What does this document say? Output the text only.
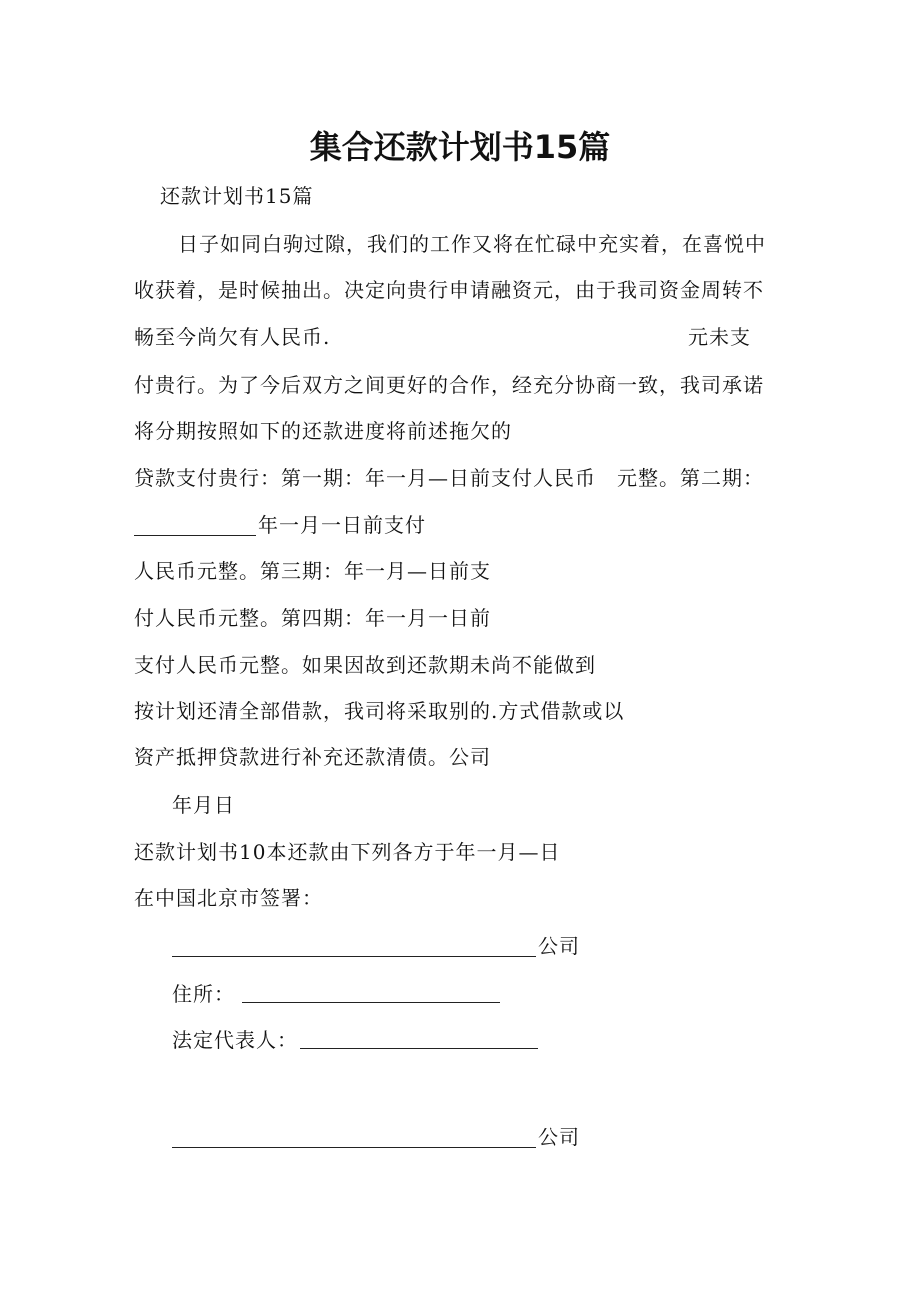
集合还款计划书15篇
还款计划书15篇
日子如同白驹过隙，我们的工作又将在忙碌中充实着，在喜悦中
收获着，是时候抽出。决定向贵行申请融资元，由于我司资金周转不
畅至今尚欠有人民币.	元未支
付贵行。为了今后双方之间更好的合作，经充分协商一致，我司承诺
将分期按照如下的还款进度将前述拖欠的
贷款支付贵行：第一期：年一月—日前支付人民币　元整。第二期：
年一月一日前支付
人民币元整。第三期：年一月—日前支
付人民币元整。第四期：年一月一日前
支付人民币元整。如果因故到还款期未尚不能做到
按计划还清全部借款，我司将采取别的.方式借款或以
资产抵押贷款进行补充还款清债。公司
年月日
还款计划书10本还款由下列各方于年一月—日
在中国北京市签署：
公司
住所：
法定代表人：
公司
